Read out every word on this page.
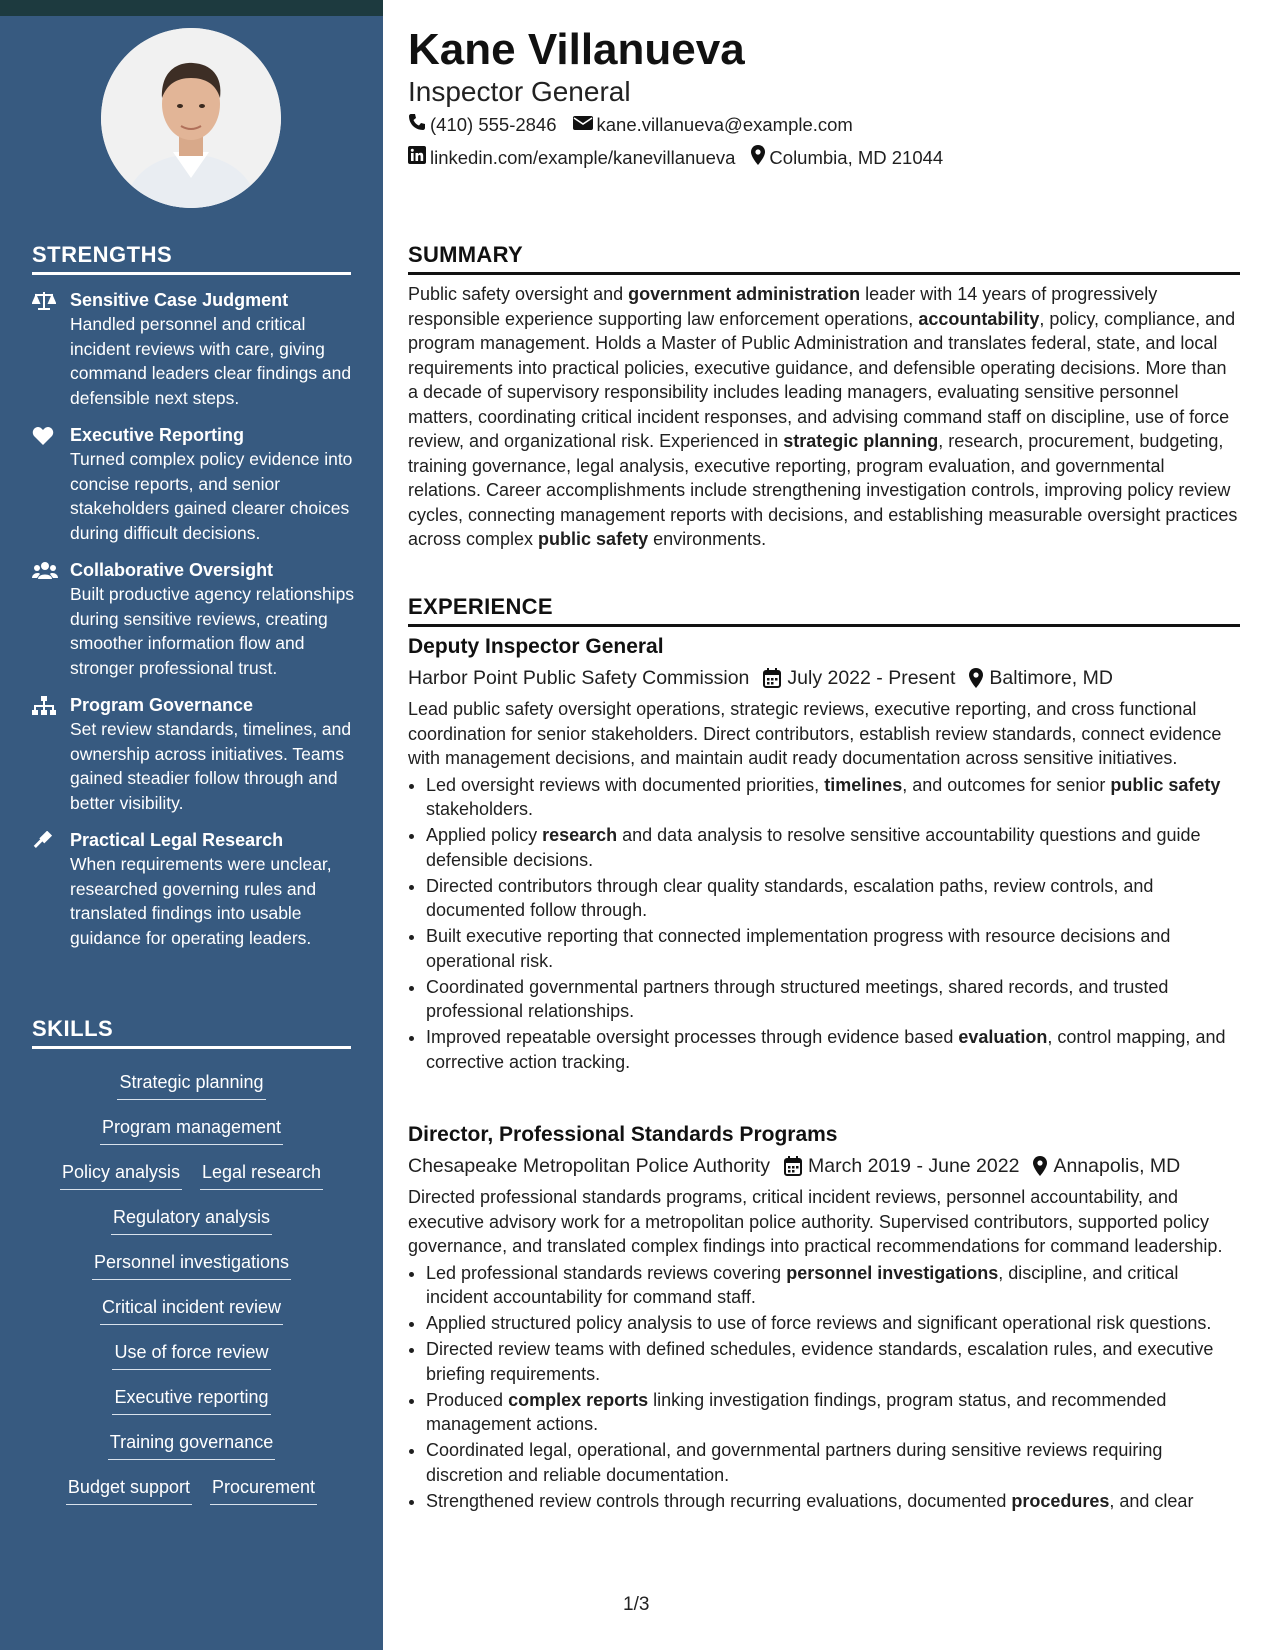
STRENGTHS
Sensitive Case Judgment
Handled personnel and critical incident reviews with care, giving command leaders clear findings and defensible next steps.
Executive Reporting
Turned complex policy evidence into concise reports, and senior stakeholders gained clearer choices during difficult decisions.
Collaborative Oversight
Built productive agency relationships during sensitive reviews, creating smoother information flow and stronger professional trust.
Program Governance
Set review standards, timelines, and ownership across initiatives. Teams gained steadier follow through and better visibility.
Practical Legal Research
When requirements were unclear, researched governing rules and translated findings into usable guidance for operating leaders.
SKILLS
Strategic planning
Program management
Policy analysis Legal research
Regulatory analysis
Personnel investigations
Critical incident review
Use of force review
Executive reporting
Training governance
Budget support Procurement
Kane Villanueva
Inspector General
(410) 555-2846 kane.villanueva@example.com
linkedin.com/example/kanevillanueva Columbia, MD 21044
SUMMARY
Public safety oversight and government administration leader with 14 years of progressively responsible experience supporting law enforcement operations, accountability, policy, compliance, and program management. Holds a Master of Public Administration and translates federal, state, and local requirements into practical policies, executive guidance, and defensible operating decisions. More than a decade of supervisory responsibility includes leading managers, evaluating sensitive personnel matters, coordinating critical incident responses, and advising command staff on discipline, use of force review, and organizational risk. Experienced in strategic planning, research, procurement, budgeting, training governance, legal analysis, executive reporting, program evaluation, and governmental relations. Career accomplishments include strengthening investigation controls, improving policy review cycles, connecting management reports with decisions, and establishing measurable oversight practices across complex public safety environments.
EXPERIENCE
Deputy Inspector General
Harbor Point Public Safety Commission July 2022 - Present Baltimore, MD
Lead public safety oversight operations, strategic reviews, executive reporting, and cross functional coordination for senior stakeholders. Direct contributors, establish review standards, connect evidence with management decisions, and maintain audit ready documentation across sensitive initiatives.
• Led oversight reviews with documented priorities, timelines, and outcomes for senior public safety stakeholders.
• Applied policy research and data analysis to resolve sensitive accountability questions and guide defensible decisions.
• Directed contributors through clear quality standards, escalation paths, review controls, and documented follow through.
• Built executive reporting that connected implementation progress with resource decisions and operational risk.
• Coordinated governmental partners through structured meetings, shared records, and trusted professional relationships.
• Improved repeatable oversight processes through evidence based evaluation, control mapping, and corrective action tracking.
Director, Professional Standards Programs
Chesapeake Metropolitan Police Authority March 2019 - June 2022 Annapolis, MD
Directed professional standards programs, critical incident reviews, personnel accountability, and executive advisory work for a metropolitan police authority. Supervised contributors, supported policy governance, and translated complex findings into practical recommendations for command leadership.
• Led professional standards reviews covering personnel investigations, discipline, and critical incident accountability for command staff.
• Applied structured policy analysis to use of force reviews and significant operational risk questions.
• Directed review teams with defined schedules, evidence standards, escalation rules, and executive briefing requirements.
• Produced complex reports linking investigation findings, program status, and recommended management actions.
• Coordinated legal, operational, and governmental partners during sensitive reviews requiring discretion and reliable documentation.
• Strengthened review controls through recurring evaluations, documented procedures, and clear
1/3
